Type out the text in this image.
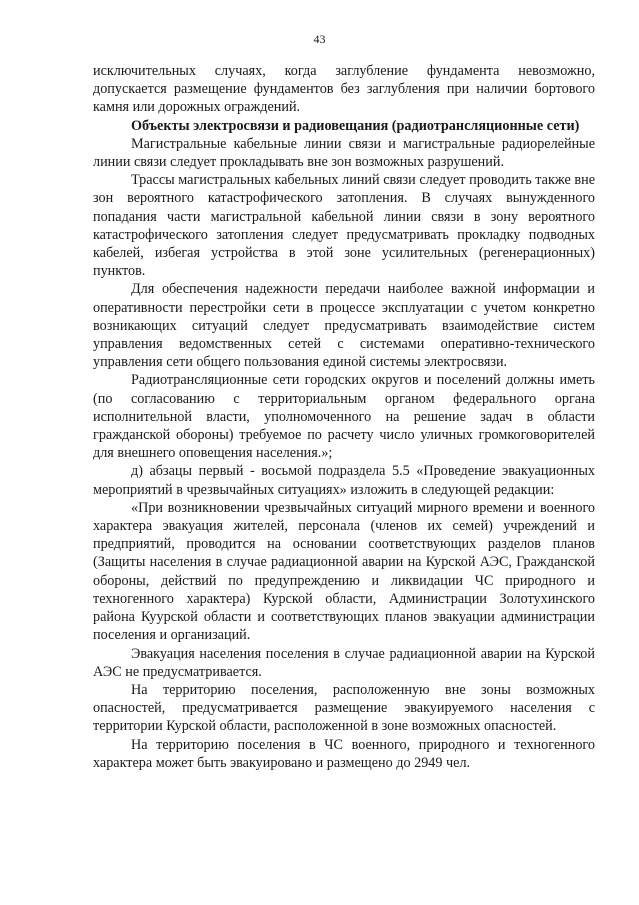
43

исключительных случаях, когда заглубление фундамента невозможно, допускается размещение фундаментов без заглубления при наличии бортового камня или дорожных ограждений.

Объекты электросвязи и радиовещания (радиотрансляционные сети)

Магистральные кабельные линии связи и магистральные радиорелейные линии связи следует прокладывать вне зон возможных разрушений.

Трассы магистральных кабельных линий связи следует проводить также вне зон вероятного катастрофического затопления. В случаях вынужденного попадания части магистральной кабельной линии связи в зону вероятного катастрофического затопления следует предусматривать прокладку подводных кабелей, избегая устройства в этой зоне усилительных (регенерационных) пунктов.

Для обеспечения надежности передачи наиболее важной информации и оперативности перестройки сети в процессе эксплуатации с учетом конкретно возникающих ситуаций следует предусматривать взаимодействие систем управления ведомственных сетей с системами оперативно-технического управления сети общего пользования единой системы электросвязи.

Радиотрансляционные сети городских округов и поселений должны иметь (по согласованию с территориальным органом федерального органа исполнительной власти, уполномоченного на решение задач в области гражданской обороны) требуемое по расчету число уличных громкоговорителей для внешнего оповещения населения.»;

д) абзацы первый - восьмой подраздела 5.5 «Проведение эвакуационных мероприятий в чрезвычайных ситуациях» изложить в следующей редакции:

«При возникновении чрезвычайных ситуаций мирного времени и военного характера эвакуация жителей, персонала (членов их семей) учреждений и предприятий, проводится на основании соответствующих разделов планов (Защиты населения в случае радиационной аварии на Курской АЭС, Гражданской обороны, действий по предупреждению и ликвидации ЧС природного и техногенного характера) Курской области, Администрации Золотухинского района Куурской области и соответствующих планов эвакуации администрации поселения и организаций.

Эвакуация населения поселения в случае радиационной аварии на Курской АЭС не предусматривается.

На территорию поселения, расположенную вне зоны возможных опасностей, предусматривается размещение эвакуируемого населения с территории Курской области, расположенной в зоне возможных опасностей.

На территорию поселения в ЧС военного, природного и техногенного характера может быть эвакуировано и размещено до 2949 чел.
